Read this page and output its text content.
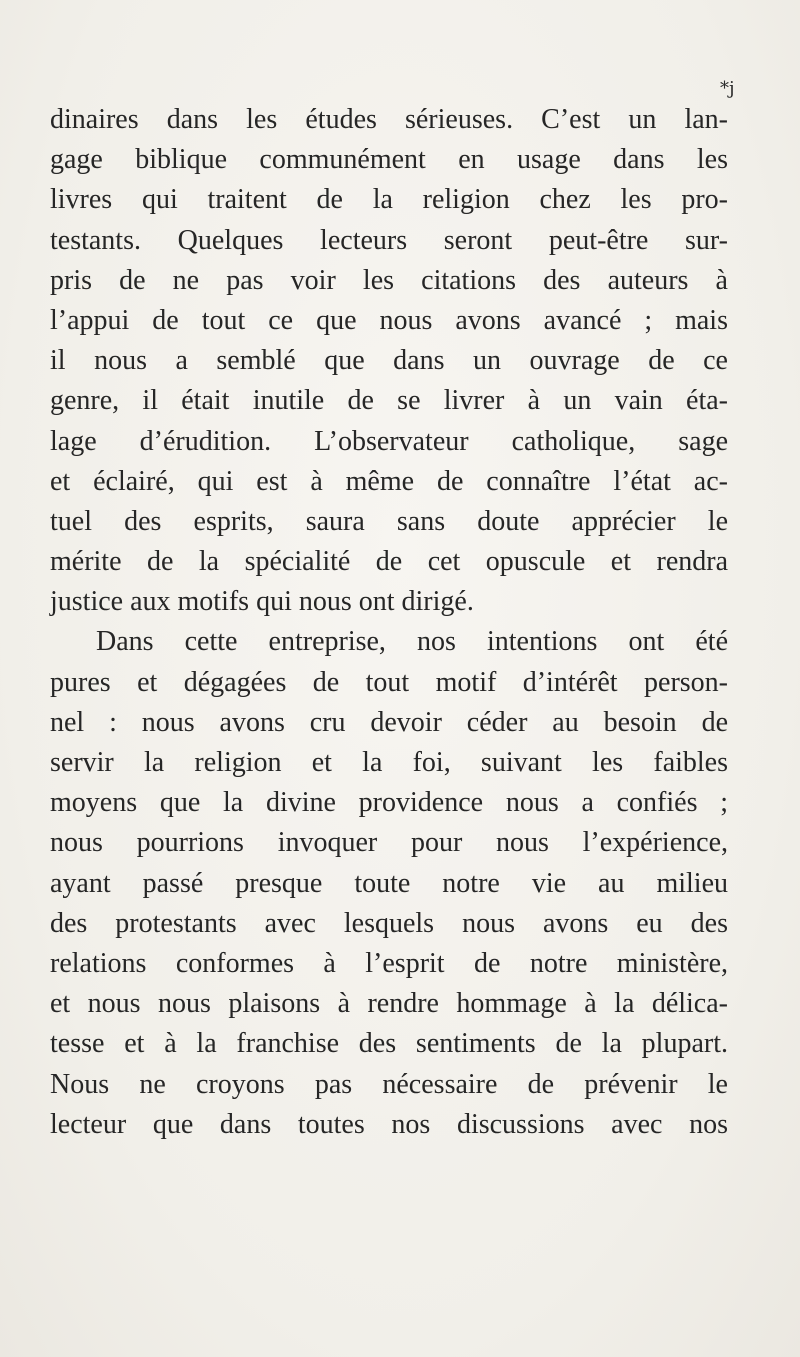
*j
dinaires dans les études sérieuses. C’est un lan-
gage biblique communément en usage dans les
livres qui traitent de la religion chez les pro-
testants. Quelques lecteurs seront peut-être sur-
pris de ne pas voir les citations des auteurs à
l’appui de tout ce que nous avons avancé ; mais
il nous a semblé que dans un ouvrage de ce
genre, il était inutile de se livrer à un vain éta-
lage d’érudition. L’observateur catholique, sage
et éclairé, qui est à même de connaître l’état ac-
tuel des esprits, saura sans doute apprécier le
mérite de la spécialité de cet opuscule et rendra
justice aux motifs qui nous ont dirigé.
Dans cette entreprise, nos intentions ont été
pures et dégagées de tout motif d’intérêt person-
nel : nous avons cru devoir céder au besoin de
servir la religion et la foi, suivant les faibles
moyens que la divine providence nous a confiés ;
nous pourrions invoquer pour nous l’expérience,
ayant passé presque toute notre vie au milieu
des protestants avec lesquels nous avons eu des
relations conformes à l’esprit de notre ministère,
et nous nous plaisons à rendre hommage à la délica-
tesse et à la franchise des sentiments de la plupart.
Nous ne croyons pas nécessaire de prévenir le
lecteur que dans toutes nos discussions avec nos
